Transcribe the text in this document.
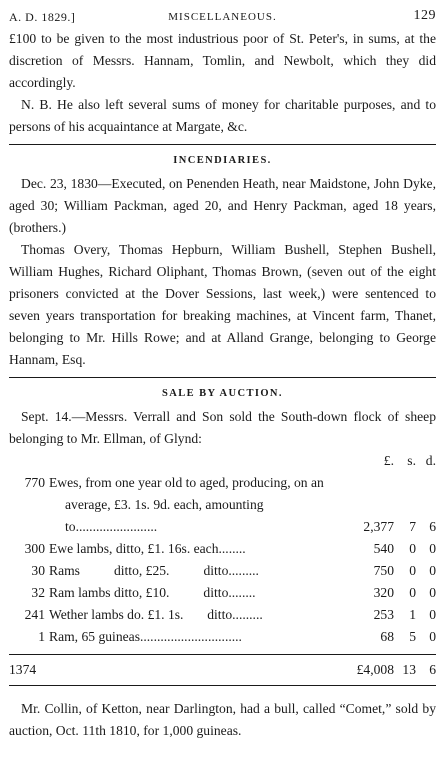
A. D. 1829.]	MISCELLANEOUS.	129

£100 to be given to the most industrious poor of St. Peter's, in sums, at the discretion of Messrs. Hannam, Tomlin, and Newbolt, which they did accordingly.

N. B. He also left several sums of money for charitable purposes, and to persons of his acquaintance at Margate, &c.

INCENDIARIES.

Dec. 23, 1830—Executed, on Penenden Heath, near Maidstone, John Dyke, aged 30; William Packman, aged 20, and Henry Packman, aged 18 years, (brothers.)

Thomas Overy, Thomas Hepburn, William Bushell, Stephen Bushell, William Hughes, Richard Oliphant, Thomas Brown, (seven out of the eight prisoners convicted at the Dover Sessions, last week,) were sentenced to seven years transportation for breaking machines, at Vincent farm, Thanet, belonging to Mr. Hills Rowe; and at Alland Grange, belonging to George Hannam, Esq.

SALE BY AUCTION.

Sept. 14.—Messrs. Verrall and Son sold the South-down flock of sheep belonging to Mr. Ellman, of Glynd:

		£.	s.	d.
770	Ewes, from one year old to aged, producing, on an average, £3. 1s. 9d. each, amounting to........................	2,377	7	6
300	Ewe lambs, ditto, £1. 16s. each........	540	0	0
30	Rams          ditto, £25.          ditto.........	750	0	0
32	Ram lambs ditto, £10.          ditto........	320	0	0
241	Wether lambs do. £1. 1s.       ditto.........	253	1	0
1	Ram, 65 guineas..............................	68	5	0

1374		£4,008	13	6

Mr. Collin, of Ketton, near Darlington, had a bull, called “Comet,” sold by auction, Oct. 11th 1810, for 1,000 guineas.
